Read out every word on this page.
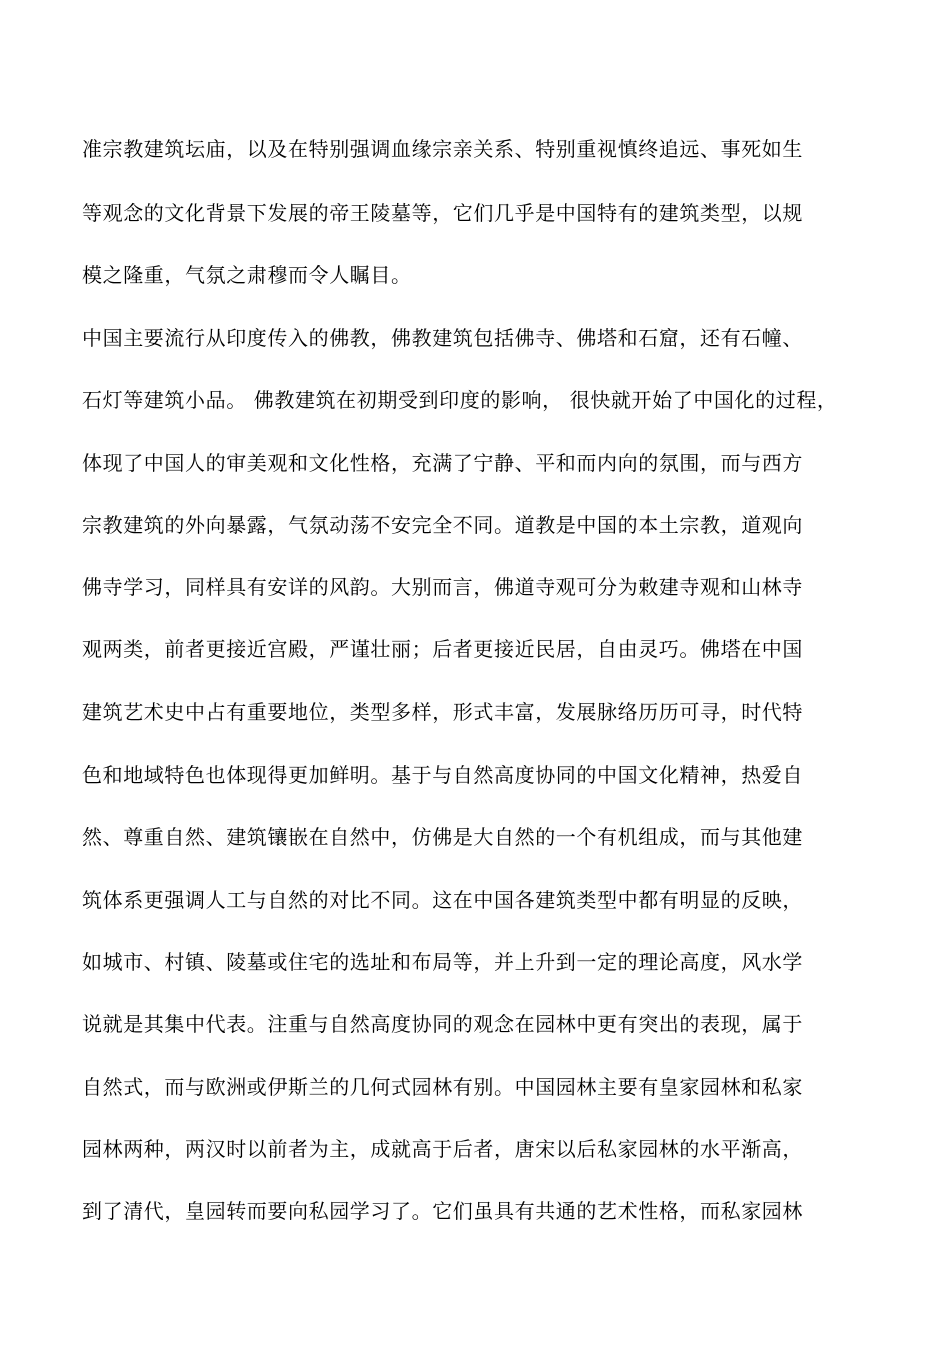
准宗教建筑坛庙，以及在特别强调血缘宗亲关系、特别重视慎终追远、事死如生
等观念的文化背景下发展的帝王陵墓等，它们几乎是中国特有的建筑类型，以规
模之隆重，气氛之肃穆而令人瞩目。
中国主要流行从印度传入的佛教，佛教建筑包括佛寺、佛塔和石窟，还有石幢、
石灯等建筑小品。 佛教建筑在初期受到印度的影响， 很快就开始了中国化的过程，
体现了中国人的审美观和文化性格，充满了宁静、平和而内向的氛围，而与西方
宗教建筑的外向暴露，气氛动荡不安完全不同。道教是中国的本土宗教，道观向
佛寺学习，同样具有安详的风韵。大别而言，佛道寺观可分为敕建寺观和山林寺
观两类，前者更接近宫殿，严谨壮丽；后者更接近民居，自由灵巧。佛塔在中国
建筑艺术史中占有重要地位，类型多样，形式丰富，发展脉络历历可寻，时代特
色和地域特色也体现得更加鲜明。基于与自然高度协同的中国文化精神，热爱自
然、尊重自然、建筑镶嵌在自然中，仿佛是大自然的一个有机组成，而与其他建
筑体系更强调人工与自然的对比不同。这在中国各建筑类型中都有明显的反映，
如城市、村镇、陵墓或住宅的选址和布局等，并上升到一定的理论高度，风水学
说就是其集中代表。注重与自然高度协同的观念在园林中更有突出的表现，属于
自然式，而与欧洲或伊斯兰的几何式园林有别。中国园林主要有皇家园林和私家
园林两种，两汉时以前者为主，成就高于后者，唐宋以后私家园林的水平渐高，
到了清代，皇园转而要向私园学习了。它们虽具有共通的艺术性格，而私家园林
